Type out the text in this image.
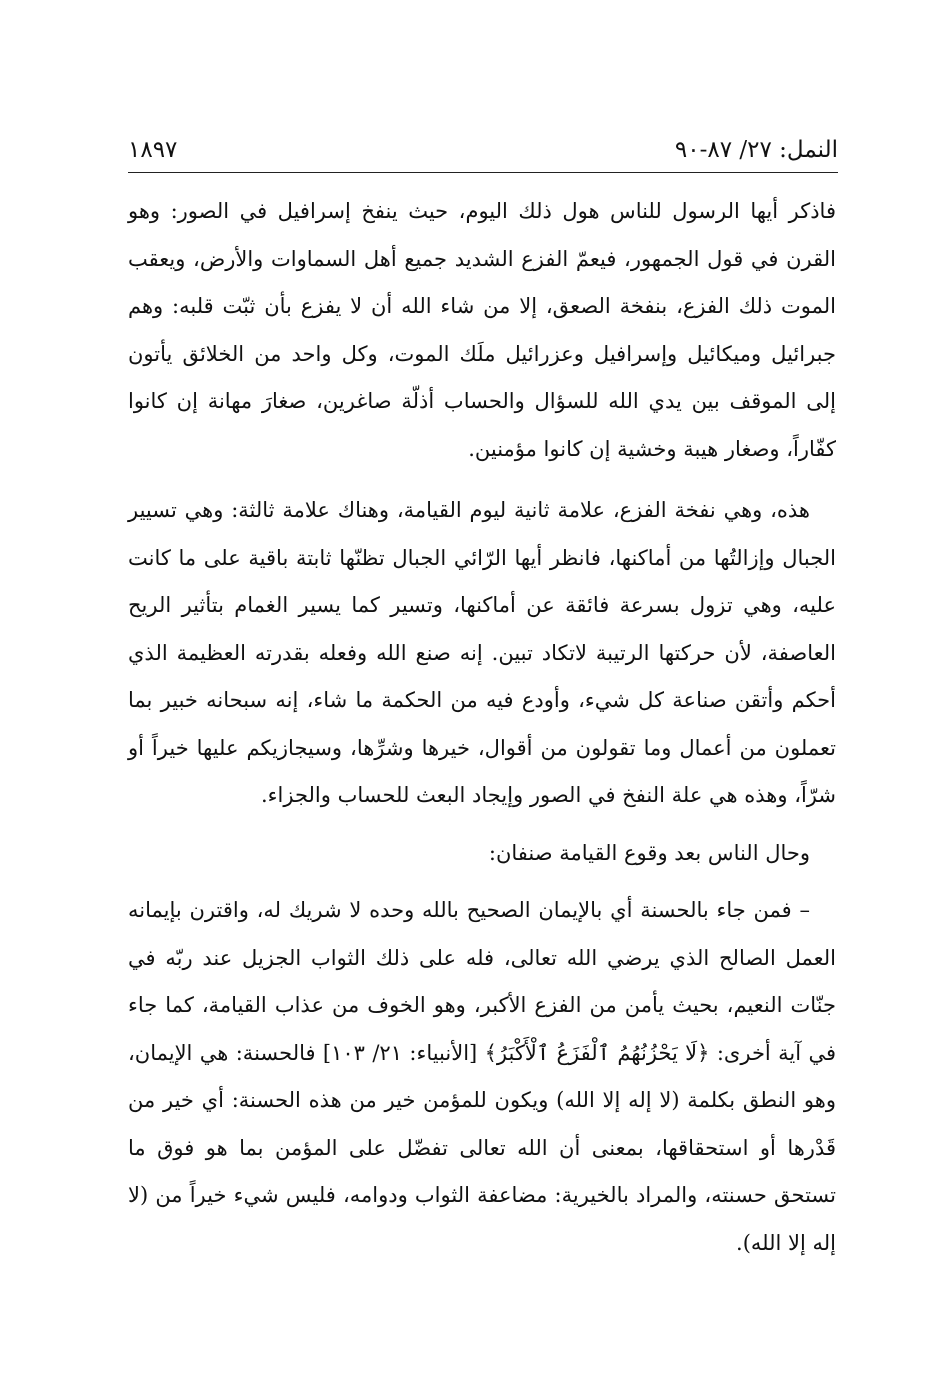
النمل: ٢٧/ ٨٧-٩٠
١٨٩٧

فاذكر أيها الرسول للناس هول ذلك اليوم، حيث ينفخ إسرافيل في الصور: وهو القرن في قول الجمهور، فيعمّ الفزع الشديد جميع أهل السماوات والأرض، ويعقب الموت ذلك الفزع، بنفخة الصعق، إلا من شاء الله أن لا يفزع بأن ثبّت قلبه: وهم جبرائيل وميكائيل وإسرافيل وعزرائيل ملَك الموت، وكل واحد من الخلائق يأتون إلى الموقف بين يدي الله للسؤال والحساب أذلّة صاغرين، صغارَ مهانة إن كانوا كفّاراً، وصغار هيبة وخشية إن كانوا مؤمنين.

هذه، وهي نفخة الفزع، علامة ثانية ليوم القيامة، وهناك علامة ثالثة: وهي تسيير الجبال وإزالتُها من أماكنها، فانظر أيها الرّائي الجبال تظنّها ثابتة باقية على ما كانت عليه، وهي تزول بسرعة فائقة عن أماكنها، وتسير كما يسير الغمام بتأثير الريح العاصفة، لأن حركتها الرتيبة لاتكاد تبين. إنه صنع الله وفعله بقدرته العظيمة الذي أحكم وأتقن صناعة كل شيء، وأودع فيه من الحكمة ما شاء، إنه سبحانه خبير بما تعملون من أعمال وما تقولون من أقوال، خيرها وشرِّها، وسيجازيكم عليها خيراً أو شرّاً، وهذه هي علة النفخ في الصور وإيجاد البعث للحساب والجزاء.

وحال الناس بعد وقوع القيامة صنفان:

– فمن جاء بالحسنة أي بالإيمان الصحيح بالله وحده لا شريك له، واقترن بإيمانه العمل الصالح الذي يرضي الله تعالى، فله على ذلك الثواب الجزيل عند ربّه في جنّات النعيم، بحيث يأمن من الفزع الأكبر، وهو الخوف من عذاب القيامة، كما جاء في آية أخرى: ﴿لَا يَحْزُنُهُمُ ٱلْفَزَعُ ٱلْأَكْبَرُ﴾ [الأنبياء: ٢١/ ١٠٣] فالحسنة: هي الإيمان، وهو النطق بكلمة (لا إله إلا الله) ويكون للمؤمن خير من هذه الحسنة: أي خير من قَدْرها أو استحقاقها، بمعنى أن الله تعالى تفضّل على المؤمن بما هو فوق ما تستحق حسنته، والمراد بالخيرية: مضاعفة الثواب ودوامه، فليس شيء خيراً من (لا إله إلا الله).
